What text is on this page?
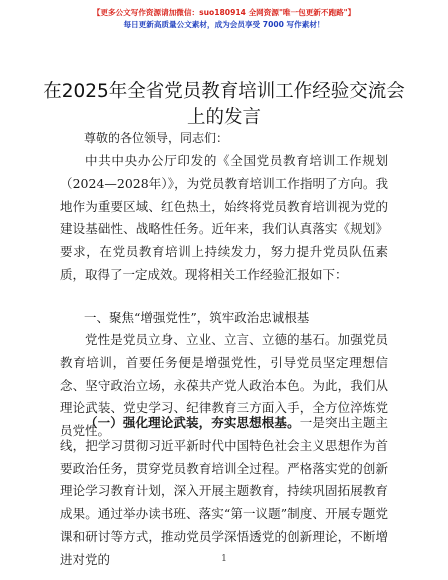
【更多公文写作资源请加微信：suo180914 全网资源"唯一包更新不跑路"】
每日更新高质量公文素材，成为会员享受 7000 写作素材！
在2025年全省党员教育培训工作经验交流会上的发言
尊敬的各位领导，同志们：

中共中央办公厅印发的《全国党员教育培训工作规划（2024—2028年）》，为党员教育培训工作指明了方向。我地作为重要区域、红色热土，始终将党员教育培训视为党的建设基础性、战略性任务。近年来，我们认真落实《规划》要求，在党员教育培训上持续发力，努力提升党员队伍素质，取得了一定成效。现将相关工作经验汇报如下：

一、聚焦“增强党性”，筑牢政治忠诚根基

党性是党员立身、立业、立言、立德的基石。加强党员教育培训，首要任务便是增强党性，引导党员坚定理想信念、坚守政治立场，永葆共产党人政治本色。为此，我们从理论武装、党史学习、纪律教育三方面入手，全方位淬炼党员党性。

（一）强化理论武装，夯实思想根基。一是突出主题主线，把学习贯彻习近平新时代中国特色社会主义思想作为首要政治任务，贯穿党员教育培训全过程。严格落实党的创新理论学习教育计划，深入开展主题教育，持续巩固拓展教育成果。通过举办读书班、落实“第一议题”制度、开展专题党课和研讨等方式，推动党员学深悟透党的创新理论，不断增进对党的	1
